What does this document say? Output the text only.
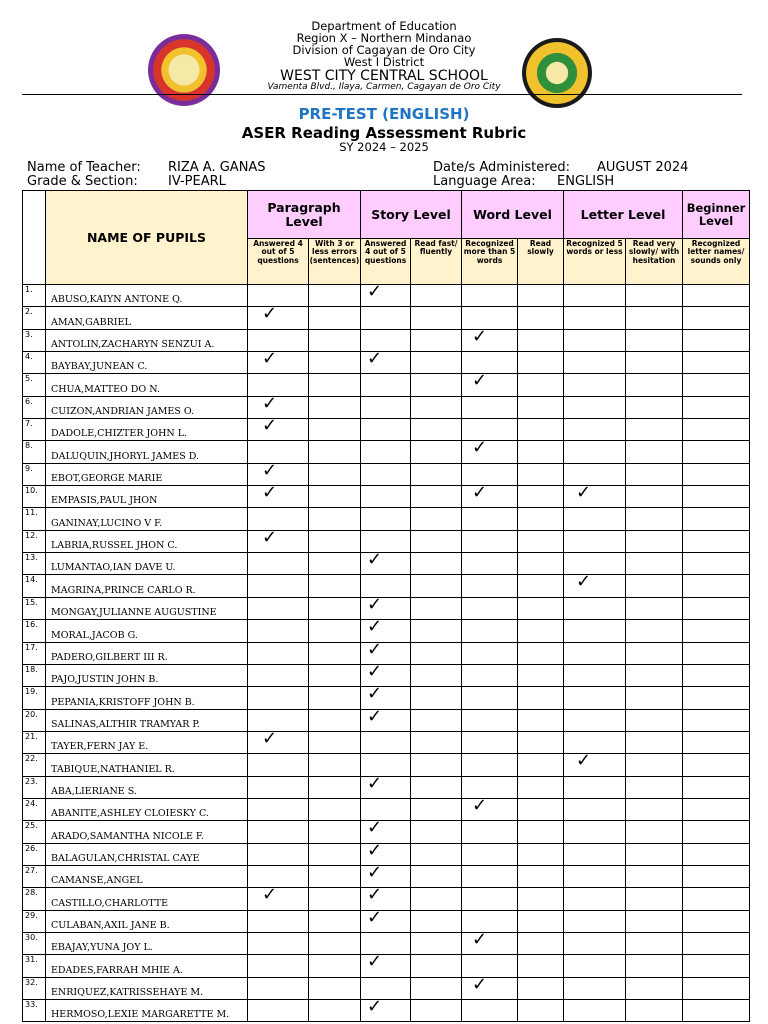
Department of Education
Region X – Northern Mindanao
Division of Cagayan de Oro City
West I District
WEST CITY CENTRAL SCHOOL
Vamenta Blvd., Ilaya, Carmen, Cagayan de Oro City
PRE-TEST (ENGLISH)
ASER Reading Assessment Rubric
SY 2024 – 2025
Name of Teacher: RIZA A. GANAS
Grade & Section: IV-PEARL
Date/s Administered: AUGUST 2024
Language Area: ENGLISH
	NAME OF PUPILS	Paragraph Level		Story Level		Word Level		Letter Level		Beginner Level
		Answered 4 out of 5 questions	With 3 or less errors (sentences)	Answered 4 out of 5 questions	Read fast/ fluently	Recognized more than 5 words	Read slowly	Recognized 5 words or less	Read very slowly/ with hesitation	Recognized letter names/ sounds only
1.	ABUSO,KAIYN ANTONE Q.			✓						

2.	AMAN,GABRIEL	✓								

3.	ANTOLIN,ZACHARYN SENZUI A.					✓				

4.	BAYBAY,JUNEAN C.	✓		✓						

5.	CHUA,MATTEO DO N.					✓				

6.	CUIZON,ANDRIAN JAMES O.	✓								

7.	DADOLE,CHIZTER JOHN L.	✓								

8.	DALUQUIN,JHORYL JAMES D.					✓				

9.	EBOT,GEORGE MARIE	✓								

10.	EMPASIS,PAUL JHON	✓				✓		✓		

11.	GANINAY,LUCINO V F.									
12.	LABRIA,RUSSEL JHON C.	✓								

13.	LUMANTAO,IAN DAVE U.			✓						

14.	MAGRINA,PRINCE CARLO R.							✓		

15.	MONGAY,JULIANNE AUGUSTINE			✓						

16.	MORAL,JACOB G.			✓						

17.	PADERO,GILBERT III R.			✓						

18.	PAJO,JUSTIN JOHN B.			✓						

19.	PEPANIA,KRISTOFF JOHN B.			✓						

20.	SALINAS,ALTHIR TRAMYAR P.			✓						

21.	TAYER,FERN JAY E.	✓								

22.	TABIQUE,NATHANIEL R.							✓		

23.	ABA,LIERIANE S.			✓						

24.	ABANITE,ASHLEY CLOIESKY C.					✓				

25.	ARADO,SAMANTHA NICOLE F.			✓						

26.	BALAGULAN,CHRISTAL CAYE			✓						

27.	CAMANSE,ANGEL			✓						

28.	CASTILLO,CHARLOTTE	✓		✓						

29.	CULABAN,AXIL JANE B.			✓						

30.	EBAJAY,YUNA JOY L.					✓				

31.	EDADES,FARRAH MHIE A.			✓						

32.	ENRIQUEZ,KATRISSEHAYE M.					✓				

33.	HERMOSO,LEXIE MARGARETTE M.			✓						
